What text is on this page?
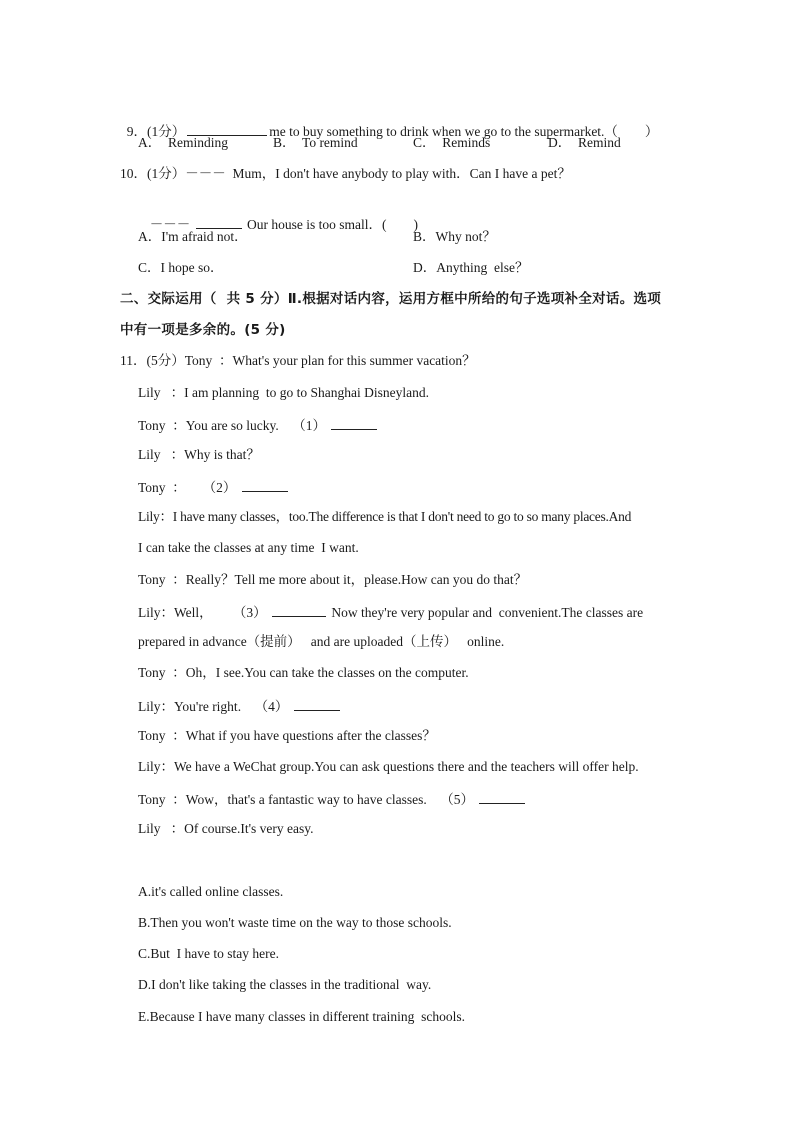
9．(1分）	me to buy something to drink when we go to the supermarket.（　　）

A．  Reminding	B．  To remind	C．  Reminds	D．  Remind
10．(1分）－－－  Mum，I don't have anybody to play with．Can I have a pet？

－－－	Our house is too small．(　　)

A．I'm afraid not．	B．Why not？
C．I hope so．	D．Anything  else？
二、交际运用（  共 5 分）Ⅱ.根据对话内容，运用方框中所给的句子选项补全对话。选项
中有一项是多余的。(5 分)
11．(5分）Tony  ：What's your plan for this summer vacation？
Lily   ：I am planning  to go to Shanghai Disneyland.
Tony  ：You are so lucky.    （1）
Lily   ：Why is that？
Tony  ：     （2）
Lily：I have many classes，too.The difference is that I don't need to go to so many places.And
I can take the classes at any time  I want.
Tony  ：Really？Tell me more about it，please.How can you do that？
Lily：Well，      （3）	Now they're very popular and  convenient.The classes are
prepared in advance（提前）   and are uploaded（上传）   online.
Tony  ：Oh，I see.You can take the classes on the computer.
Lily：You're right.    （4）
Tony  ：What if you have questions after the classes？
Lily：We have a WeChat group.You can ask questions there and the teachers will offer help.
Tony  ：Wow，that's a fantastic way to have classes.    （5）
Lily   ：Of course.It's very easy.
A.it's called online classes.
B.Then you won't waste time on the way to those schools.
C.But  I have to stay here.
D.I don't like taking the classes in the traditional  way.
E.Because I have many classes in different training  schools.
